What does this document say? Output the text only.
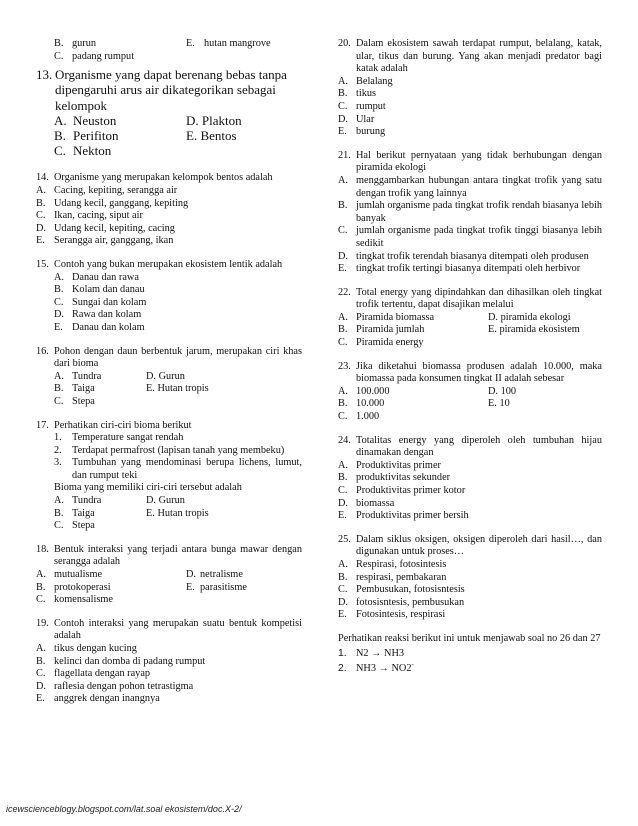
B. gurun	E. hutan mangrove
C. padang rumput
13. Organisme yang dapat berenang bebas tanpa dipengaruhi arus air dikategorikan sebagai kelompok
A. Neuston	D. Plakton
B. Perifiton	E. Bentos
C. Nekton
14. Organisme yang merupakan kelompok bentos adalah
A. Cacing, kepiting, serangga air
B. Udang kecil, ganggang, kepiting
C. Ikan, cacing, siput air
D. Udang kecil, kepiting, cacing
E. Serangga air, ganggang, ikan
15. Contoh yang bukan merupakan ekosistem lentik adalah
A. Danau dan rawa
B. Kolam dan danau
C. Sungai dan kolam
D. Rawa dan kolam
E. Danau dan kolam
16. Pohon dengan daun berbentuk jarum, merupakan ciri khas dari bioma
A. Tundra	D. Gurun
B. Taiga	E. Hutan tropis
C. Stepa
17. Perhatikan ciri-ciri bioma berikut
1. Temperature sangat rendah
2. Terdapat permafrost (lapisan tanah yang membeku)
3. Tumbuhan yang mendominasi berupa lichens, lumut, dan rumput teki
Bioma yang memiliki ciri-ciri tersebut adalah
A. Tundra	D. Gurun
B. Taiga	E. Hutan tropis
C. Stepa
18. Bentuk interaksi yang terjadi antara bunga mawar dengan serangga adalah
A. mutualisme	D. netralisme
B. protokoperasi	E. parasitisme
C. komensalisme
19. Contoh interaksi yang merupakan suatu bentuk kompetisi adalah
A. tikus dengan kucing
B. kelinci dan domba di padang rumput
C. flagellata dengan rayap
D. raflesia dengan pohon tetrastigma
E. anggrek dengan inangnya
20. Dalam ekosistem sawah terdapat rumput, belalang, katak, ular, tikus dan burung. Yang akan menjadi predator bagi katak adalah
A. Belalang
B. tikus
C. rumput
D. Ular
E. burung
21. Hal berikut pernyataan yang tidak berhubungan dengan piramida ekologi
A. menggambarkan hubungan antara tingkat trofik yang satu dengan trofik yang lainnya
B. jumlah organisme pada tingkat trofik rendah biasanya lebih banyak
C. jumlah organisme pada tingkat trofik tinggi biasanya lebih sedikit
D. tingkat trofik terendah biasanya ditempati oleh produsen
E. tingkat trofik tertingi biasanya ditempati oleh herbivor
22. Total energy yang dipindahkan dan dihasilkan oleh tingkat trofik tertentu, dapat disajikan melalui
A. Piramida biomassa	D. piramida ekologi
B. Piramida jumlah	E. piramida ekosistem
C. Piramida energy
23. Jika diketahui biomassa produsen adalah 10.000, maka biomassa pada konsumen tingkat II adalah sebesar
A. 100.000	D. 100
B. 10.000	E. 10
C. 1.000
24. Totalitas energy yang diperoleh oleh tumbuhan hijau dinamakan dengan
A. Produktivitas primer
B. produktivitas sekunder
C. Produktivitas primer kotor
D. biomassa
E. Produktivitas primer bersih
25. Dalam siklus oksigen, oksigen diperoleh dari hasil…, dan digunakan untuk proses…
A. Respirasi, fotosintesis
B. respirasi, pembakaran
C. Pembusukan, fotosisntesis
D. fotosisntesis, pembusukan
E. Fotosintesis, respirasi
Perhatikan reaksi berikut ini untuk menjawab soal no 26 dan 27
1. N2 → NH3
2. NH3 → NO2-
icewscienceblogy.blogspot.com/lat.soal ekosistem/doc.X-2/
